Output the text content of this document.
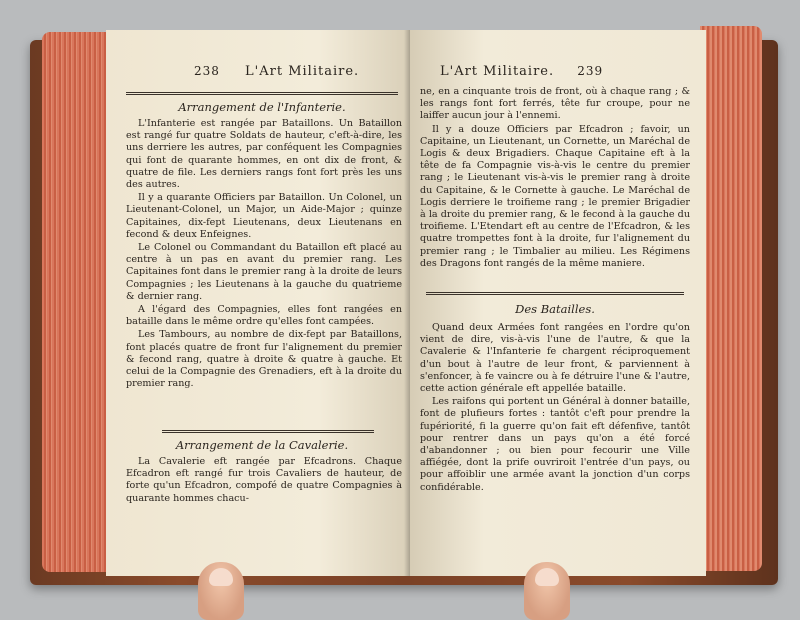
238 L'Art Militaire.
Arrangement de l'Infanterie.

L'Infanterie est rangée par Bataillons. Un Bataillon est rangé fur quatre Soldats de hauteur, c'eft-à-dire, les uns derriere les autres, par conféquent les Compagnies qui font de quarante hommes, en ont dix de front, & quatre de file. Les derniers rangs font fort près les uns des autres.

Il y a quarante Officiers par Bataillon. Un Colonel, un Lieutenant-Colonel, un Major, un Aide-Major ; quinze Capitaines, dix-fept Lieutenans, deux Lieutenans en fecond & deux Enfeignes.

Le Colonel ou Commandant du Bataillon eft placé au centre à un pas en avant du premier rang. Les Capitaines font dans le premier rang à la droite de leurs Compagnies ; les Lieutenans à la gauche du quatrieme & dernier rang.

A l'égard des Compagnies, elles font rangées en bataille dans le même ordre qu'elles font campées.

Les Tambours, au nombre de dix-fept par Bataillons, font placés quatre de front fur l'alignement du premier & fecond rang, quatre à droite & quatre à gauche. Et celui de la Compagnie des Grenadiers, eft à la droite du premier rang.

Arrangement de la Cavalerie.

La Cavalerie eft rangée par Efcadrons. Chaque Efcadron eft rangé fur trois Cavaliers de hauteur, de forte qu'un Efcadron, compofé de quatre Compagnies à quarante hommes chacu-

L'Art Militaire. 239

ne, en a cinquante trois de front, où à chaque rang ; & les rangs font fort ferrés, tête fur croupe, pour ne laiffer aucun jour à l'ennemi.

Il y a douze Officiers par Efcadron ; favoir, un Capitaine, un Lieutenant, un Cornette, un Maréchal de Logis & deux Brigadiers. Chaque Capitaine eft à la tête de fa Compagnie vis-à-vis le centre du premier rang ; le Lieutenant vis-à-vis le premier rang à droite du Capitaine, & le Cornette à gauche. Le Maréchal de Logis derriere le troifieme rang ; le premier Brigadier à la droite du premier rang, & le fecond à la gauche du troifieme. L'Etendart eft au centre de l'Efcadron, & les quatre trompettes font à la droite, fur l'alignement du premier rang ; le Timbalier au milieu. Les Régimens des Dragons font rangés de la même maniere.

Des Batailles.

Quand deux Armées font rangées en l'ordre qu'on vient de dire, vis-à-vis l'une de l'autre, & que la Cavalerie & l'Infanterie fe chargent réciproquement d'un bout à l'autre de leur front, & parviennent à s'enfoncer, à fe vaincre ou à fe détruire l'une & l'autre, cette action générale eft appellée bataille.

Les raifons qui portent un Général à donner bataille, font de plufieurs fortes : tantôt c'eft pour prendre la fupériorité, fi la guerre qu'on fait eft défenfive, tantôt pour rentrer dans un pays qu'on a été forcé d'abandonner ; ou bien pour fecourir une Ville affiégée, dont la prife ouvriroit l'entrée d'un pays, ou pour affoiblir une armée avant la jonction d'un corps confidérable.
